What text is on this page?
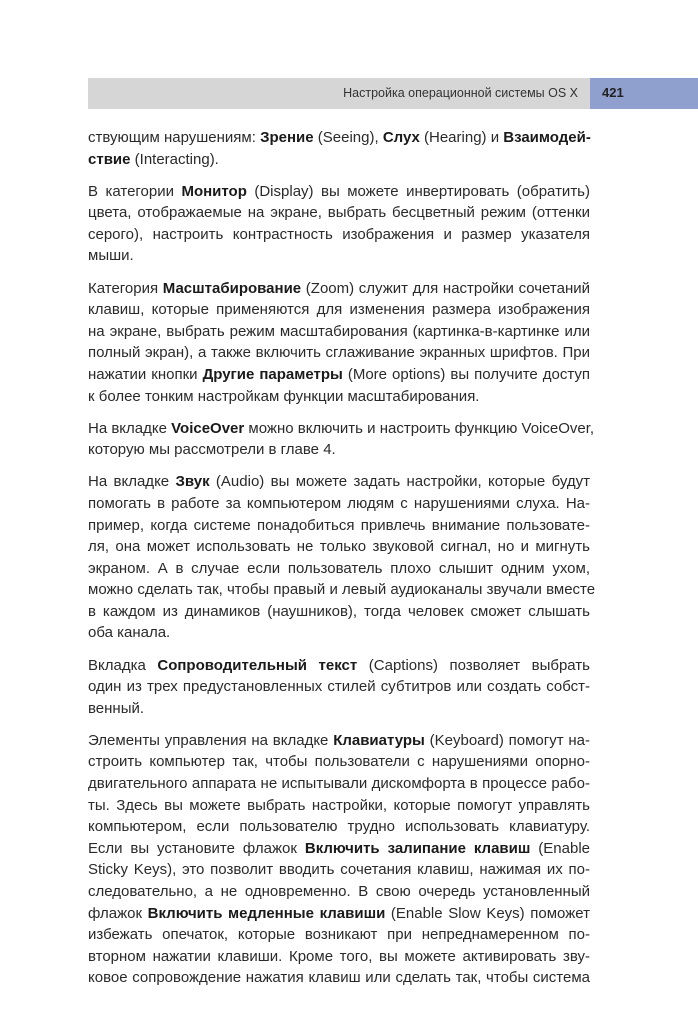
Настройка операционной системы OS X 421
ствующим нарушениям: Зрение (Seeing), Слух (Hearing) и Взаимодей-
ствие (Interacting).
В категории Монитор (Display) вы можете инвертировать (обратить)
цвета, отображаемые на экране, выбрать бесцветный режим (оттенки
серого), настроить контрастность изображения и размер указателя
мыши.
Категория Масштабирование (Zoom) служит для настройки сочетаний
клавиш, которые применяются для изменения размера изображения
на экране, выбрать режим масштабирования (картинка-в-картинке или
полный экран), а также включить сглаживание экранных шрифтов. При
нажатии кнопки Другие параметры (More options) вы получите доступ
к более тонким настройкам функции масштабирования.
На вкладке VoiceOver можно включить и настроить функцию VoiceOver,
которую мы рассмотрели в главе 4.
На вкладке Звук (Audio) вы можете задать настройки, которые будут
помогать в работе за компьютером людям с нарушениями слуха. На-
пример, когда системе понадобиться привлечь внимание пользовате-
ля, она может использовать не только звуковой сигнал, но и мигнуть
экраном. А в случае если пользователь плохо слышит одним ухом,
можно сделать так, чтобы правый и левый аудиоканалы звучали вместе
в каждом из динамиков (наушников), тогда человек сможет слышать
оба канала.
Вкладка Сопроводительный текст (Captions) позволяет выбрать
один из трех предустановленных стилей субтитров или создать собст-
венный.
Элементы управления на вкладке Клавиатуры (Keyboard) помогут на-
строить компьютер так, чтобы пользователи с нарушениями опорно-
двигательного аппарата не испытывали дискомфорта в процессе рабо-
ты. Здесь вы можете выбрать настройки, которые помогут управлять
компьютером, если пользователю трудно использовать клавиатуру.
Если вы установите флажок Включить залипание клавиш (Enable
Sticky Keys), это позволит вводить сочетания клавиш, нажимая их по-
следовательно, а не одновременно. В свою очередь установленный
флажок Включить медленные клавиши (Enable Slow Keys) поможет
избежать опечаток, которые возникают при непреднамеренном по-
вторном нажатии клавиши. Кроме того, вы можете активировать зву-
ковое сопровождение нажатия клавиш или сделать так, чтобы система
